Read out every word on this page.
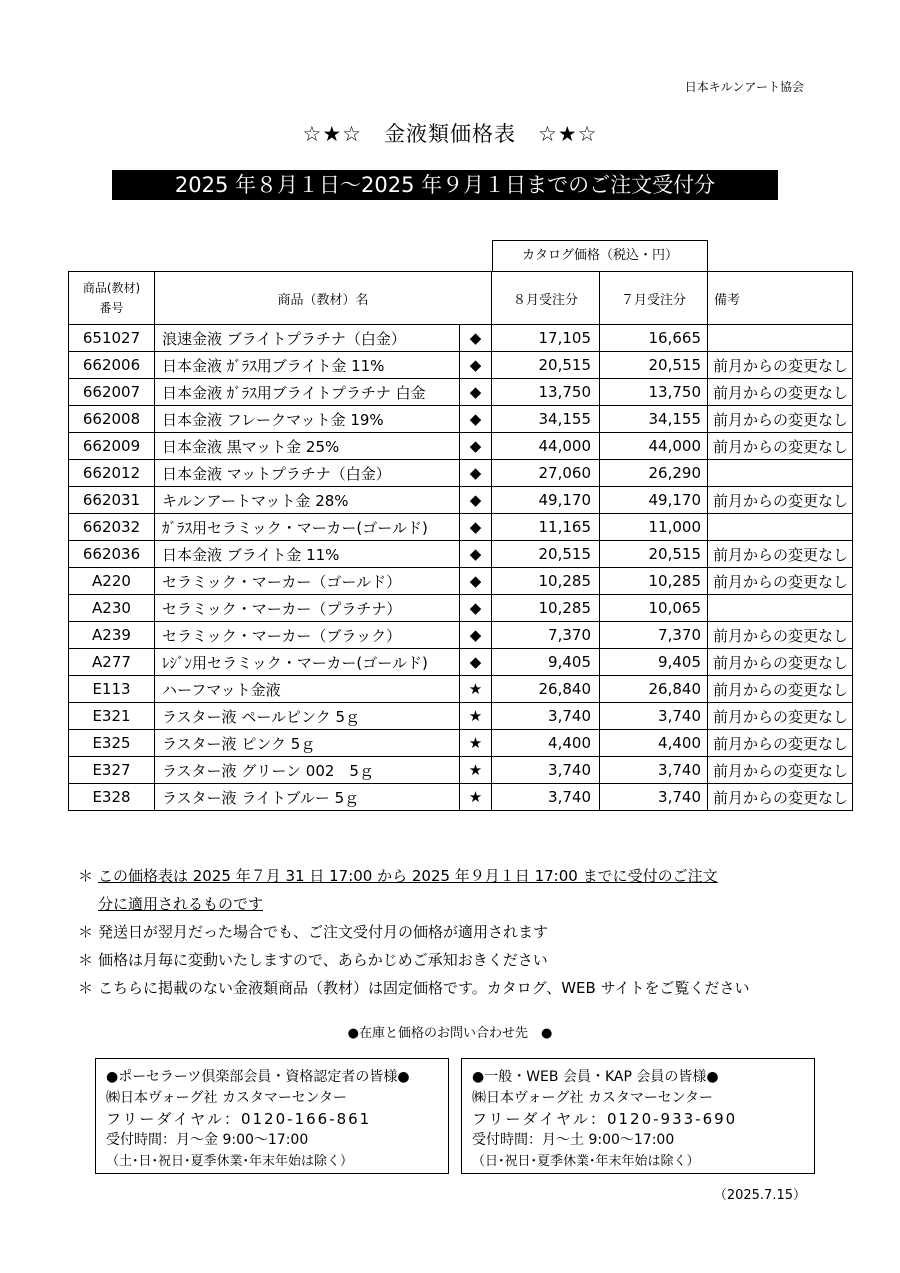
日本キルンアート協会
☆★☆　金液類価格表　☆★☆
2025 年８月１日～2025 年９月１日までのご注文受付分
カタログ価格（税込・円）
商品(教材)
番号	商品（教材）名		８月受注分	７月受注分	備考
651027	浪速金液 ブライトプラチナ（白金）	◆	17,105	16,665	
662006	日本金液 ｶﾞﾗｽ用ブライト金 11%	◆	20,515	20,515	前月からの変更なし
662007	日本金液 ｶﾞﾗｽ用ブライトプラチナ 白金	◆	13,750	13,750	前月からの変更なし
662008	日本金液 フレークマット金 19%	◆	34,155	34,155	前月からの変更なし
662009	日本金液 黒マット金 25%	◆	44,000	44,000	前月からの変更なし
662012	日本金液 マットプラチナ（白金）	◆	27,060	26,290	
662031	キルンアートマット金 28%	◆	49,170	49,170	前月からの変更なし
662032	ｶﾞﾗｽ用セラミック・マーカー(ゴールド)	◆	11,165	11,000	
662036	日本金液 ブライト金 11%	◆	20,515	20,515	前月からの変更なし
A220	セラミック・マーカー（ゴールド）	◆	10,285	10,285	前月からの変更なし
A230	セラミック・マーカー（プラチナ）	◆	10,285	10,065	
A239	セラミック・マーカー（ブラック）	◆	7,370	7,370	前月からの変更なし
A277	ﾚｼﾞﾝ用セラミック・マーカー(ゴールド)	◆	9,405	9,405	前月からの変更なし
E113	ハーフマット金液	★	26,840	26,840	前月からの変更なし
E321	ラスター液 ペールピンク 5ｇ	★	3,740	3,740	前月からの変更なし
E325	ラスター液 ピンク 5ｇ	★	4,400	4,400	前月からの変更なし
E327	ラスター液 グリーン 002　5ｇ	★	3,740	3,740	前月からの変更なし
E328	ラスター液 ライトブルー 5ｇ	★	3,740	3,740	前月からの変更なし
＊ この価格表は 2025 年７月 31 日 17:00 から 2025 年９月１日 17:00 までに受付のご注文
分に適用されるものです
＊ 発送日が翌月だった場合でも、ご注文受付月の価格が適用されます
＊ 価格は月毎に変動いたしますので、あらかじめご承知おきください
＊ こちらに掲載のない金液類商品（教材）は固定価格です。カタログ、WEB サイトをご覧ください
●在庫と価格のお問い合わせ先　●
●ポーセラーツ倶楽部会員・資格認定者の皆様●
㈱日本ヴォーグ社 カスタマーセンター
フリーダイヤル：0120-166-861
受付時間：月～金 9:00～17:00
（土･日･祝日･夏季休業･年末年始は除く）
●一般・WEB 会員・KAP 会員の皆様●
㈱日本ヴォーグ社 カスタマーセンター
フリーダイヤル：0120-933-690
受付時間：月～土 9:00～17:00
（日･祝日･夏季休業･年末年始は除く）
（2025.7.15）
